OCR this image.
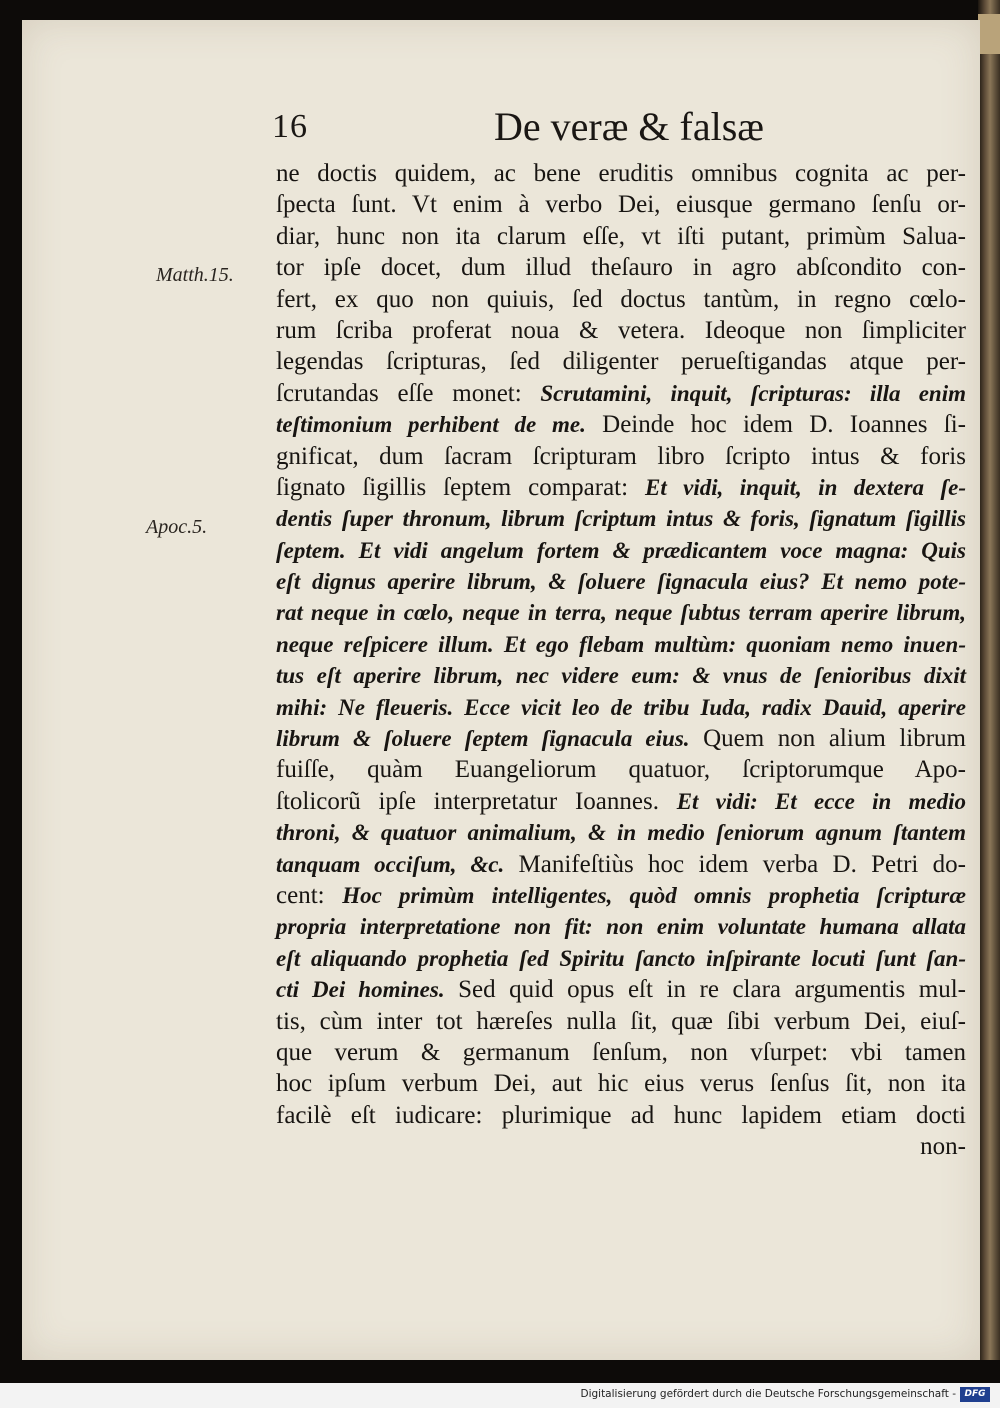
16	De veræ & falsæ
Matth.15.
Apoc.5.
ne doctis quidem, ac bene eruditis omnibus cognita ac per-
ſpecta ſunt. Vt enim à verbo Dei, eiusque germano ſenſu or-
diar, hunc non ita clarum eſſe, vt iſti putant, primùm Salua-
tor ipſe docet, dum illud theſauro in agro abſcondito con-
fert, ex quo non quiuis, ſed doctus tantùm, in regno cœlo-
rum ſcriba proferat noua & vetera. Ideoque non ſimpliciter
legendas ſcripturas, ſed diligenter perueſtigandas atque per-
ſcrutandas eſſe monet: Scrutamini, inquit, ſcripturas: illa enim
teſtimonium perhibent de me. Deinde hoc idem D. Ioannes ſi-
gnificat, dum ſacram ſcripturam libro ſcripto intus & foris
ſignato ſigillis ſeptem comparat: Et vidi, inquit, in dextera ſe-
dentis ſuper thronum, librum ſcriptum intus & foris, ſignatum ſigillis
ſeptem. Et vidi angelum fortem & prædicantem voce magna: Quis
eſt dignus aperire librum, & ſoluere ſignacula eius? Et nemo pote-
rat neque in cœlo, neque in terra, neque ſubtus terram aperire librum,
neque reſpicere illum. Et ego flebam multùm: quoniam nemo inuen-
tus eſt aperire librum, nec videre eum: & vnus de ſenioribus dixit
mihi: Ne fleueris. Ecce vicit leo de tribu Iuda, radix Dauid, aperire
librum & ſoluere ſeptem ſignacula eius. Quem non alium librum
fuiſſe, quàm Euangeliorum quatuor, ſcriptorumque Apo-
ſtolicorũ ipſe interpretatur Ioannes. Et vidi: Et ecce in medio
throni, & quatuor animalium, & in medio ſeniorum agnum ſtantem
tanquam occiſum, &c. Manifeſtiùs hoc idem verba D. Petri do-
cent: Hoc primùm intelligentes, quòd omnis prophetia ſcripturæ
propria interpretatione non fit: non enim voluntate humana allata
eſt aliquando prophetia ſed Spiritu ſancto inſpirante locuti ſunt ſan-
cti Dei homines. Sed quid opus eſt in re clara argumentis mul-
tis, cùm inter tot hæreſes nulla ſit, quæ ſibi verbum Dei, eiuſ-
que verum & germanum ſenſum, non vſurpet: vbi tamen
hoc ipſum verbum Dei, aut hic eius verus ſenſus ſit, non ita
facilè eſt iudicare: plurimique ad hunc lapidem etiam docti
non-
Digitalisierung gefördert durch die Deutsche Forschungsgemeinschaft - DFG
